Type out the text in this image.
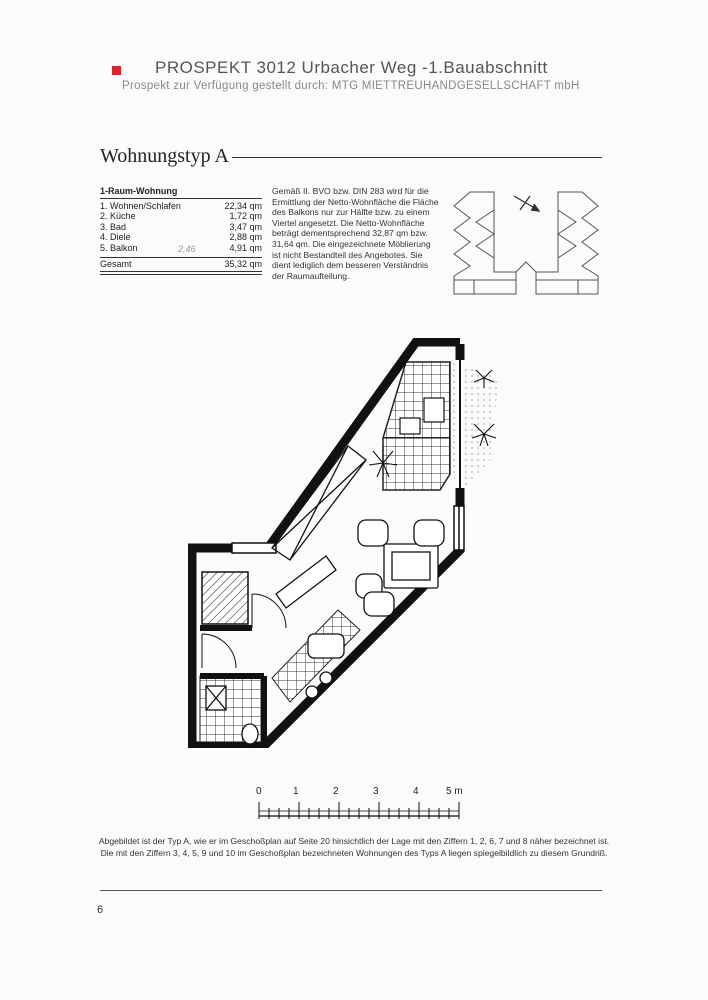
PROSPEKT 3012 Urbacher Weg -1.Bauabschnitt
Prospekt zur Verfügung gestellt durch: MTG MIETTREUHANDGESELLSCHAFT mbH
Wohnungstyp A
1-Raum-Wohnung
1. Wohnen/Schlafen	22,34 qm
2. Küche	1,72 qm
3. Bad	3,47 qm
4. Diele	2,88 qm
5. Balkon	4,91 qm
Gesamt	35,32 qm
2,46
Gemäß II. BVO bzw. DIN 283 wird für die Ermittlung der Netto-Wohnfläche die Fläche des Balkons nur zur Hälfte bzw. zu einem Viertel angesetzt. Die Netto-Wohnfläche beträgt dementsprechend 32,87 qm bzw. 31,64 qm. Die eingezeichnete Möblierung ist nicht Bestandteil des Angebotes. Sie dient lediglich dem besseren Verständnis der Raumaufteilung.
0	1	2	3	4	5 m
Abgebildet ist der Typ A, wie er im Geschoßplan auf Seite 20 hinsichtlich der Lage mit den Ziffern 1, 2, 6, 7 und 8 näher bezeichnet ist. Die mit den Ziffern 3, 4, 5, 9 und 10 im Geschoßplan bezeichneten Wohnungen des Typs A liegen spiegelbildlich zu diesem Grundriß.
6
